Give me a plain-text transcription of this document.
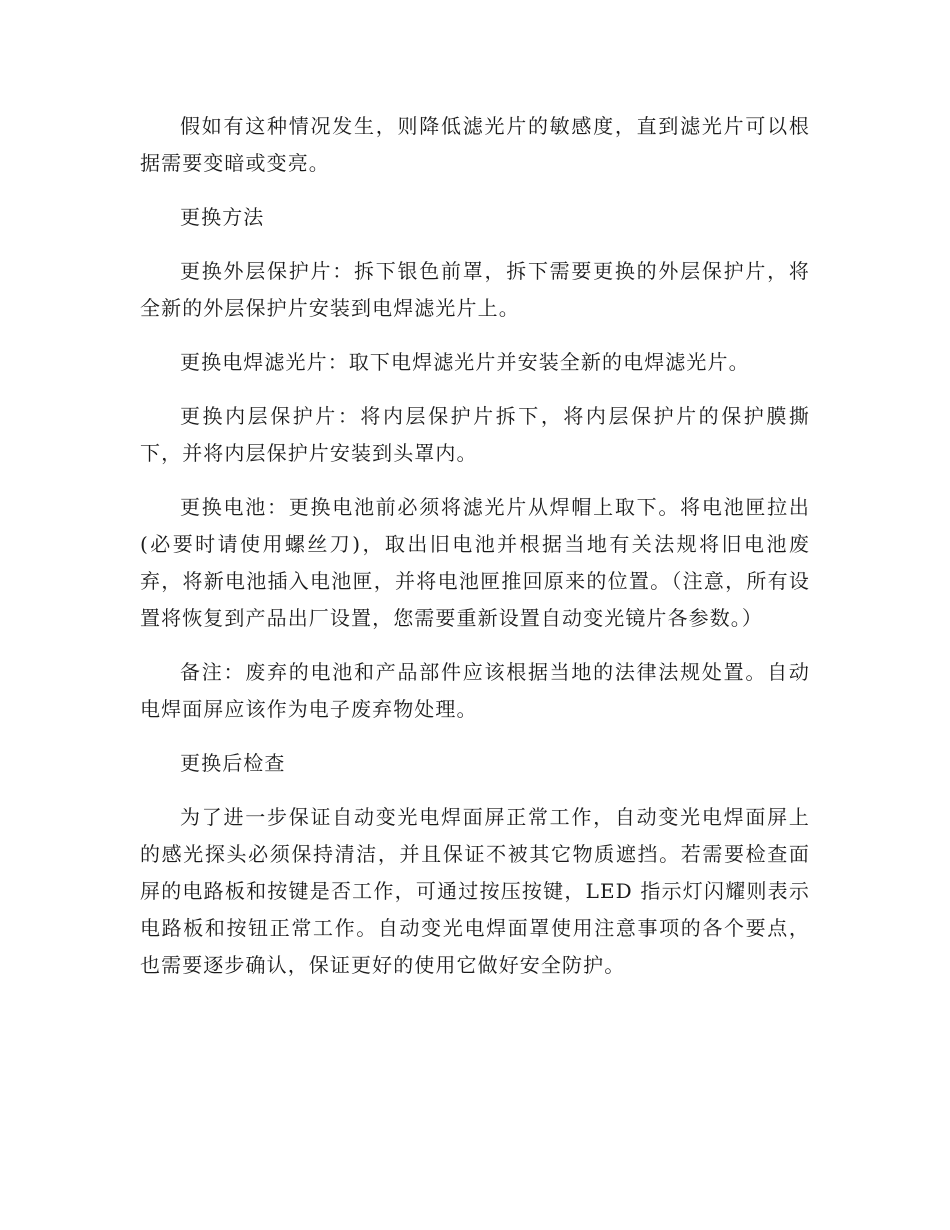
假如有这种情况发生，则降低滤光片的敏感度，直到滤光片可以根据需要变暗或变亮。

更换方法

更换外层保护片：拆下银色前罩，拆下需要更换的外层保护片，将全新的外层保护片安装到电焊滤光片上。

更换电焊滤光片：取下电焊滤光片并安装全新的电焊滤光片。

更换内层保护片：将内层保护片拆下，将内层保护片的保护膜撕下，并将内层保护片安装到头罩内。

更换电池：更换电池前必须将滤光片从焊帽上取下。将电池匣拉出(必要时请使用螺丝刀)，取出旧电池并根据当地有关法规将旧电池废弃，将新电池插入电池匣，并将电池匣推回原来的位置。（注意，所有设置将恢复到产品出厂设置，您需要重新设置自动变光镜片各参数。）

备注：废弃的电池和产品部件应该根据当地的法律法规处置。自动电焊面屏应该作为电子废弃物处理。

更换后检查

为了进一步保证自动变光电焊面屏正常工作，自动变光电焊面屏上的感光探头必须保持清洁，并且保证不被其它物质遮挡。若需要检查面屏的电路板和按键是否工作，可通过按压按键，LED 指示灯闪耀则表示电路板和按钮正常工作。自动变光电焊面罩使用注意事项的各个要点，也需要逐步确认，保证更好的使用它做好安全防护。
